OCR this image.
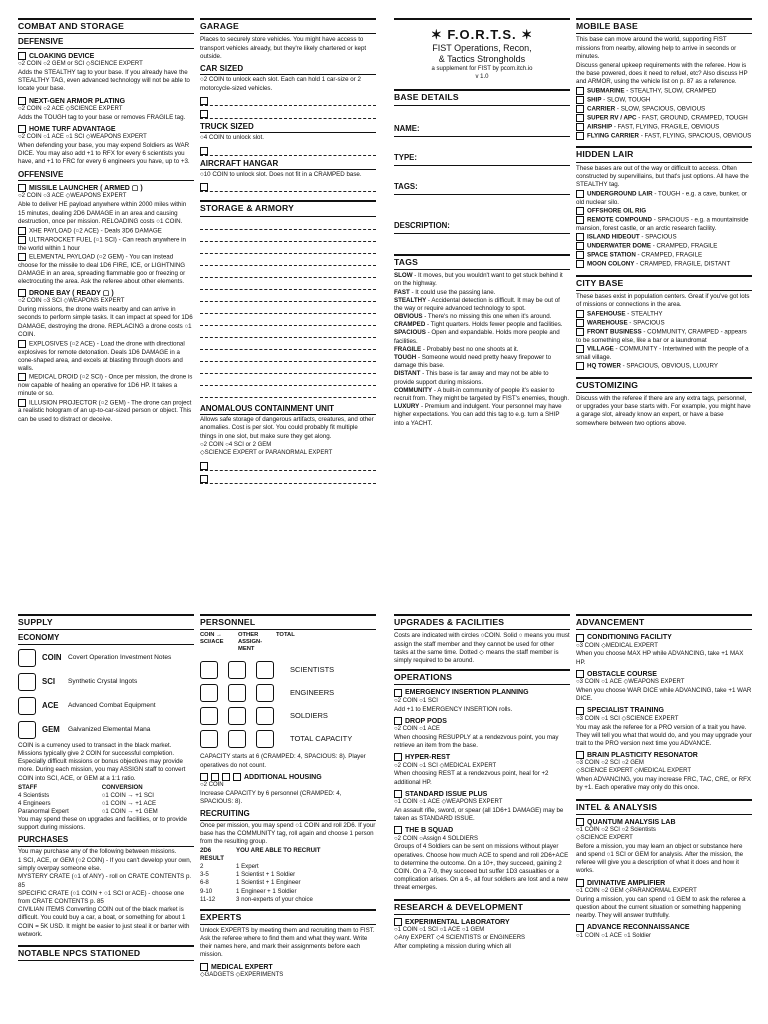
COMBAT AND STORAGE
DEFENSIVE
CLOAKING DEVICE
○2 COIN ○2 GEM or SCI ◇SCIENCE EXPERT
Adds the STEALTHY tag to your base. If you already have the STEALTHY TAG, even advanced technology will not be able to locate your base.
NEXT-GEN ARMOR PLATING
○2 COIN ○2 ACE ◇SCIENCE EXPERT
Adds the TOUGH tag to your base or removes FRAGILE tag.
HOME TURF ADVANTAGE
○2 COIN ○1 ACE ○1 SCI ◇WEAPONS EXPERT
When defending your base, you may expend Soldiers as WAR DICE. You may also add +1 to RFX for every 6 scientists you have, and +1 to FRC for every 6 engineers you have, up to +3.
OFFENSIVE
MISSILE LAUNCHER ( ARMED ▢ )
○2 COIN ○3 ACE ◇WEAPONS EXPERT
Able to deliver HE payload anywhere within 2000 miles within 15 minutes, dealing 2D6 DAMAGE in an area and causing destruction, once per mission. RELOADING costs ○1 COIN.
XHE PAYLOAD (○2 ACE) - Deals 3D6 DAMAGE
ULTRAROCKET FUEL (○1 SCI) - Can reach anywhere in the world within 1 hour
ELEMENTAL PAYLOAD (○2 GEM) - You can instead choose for the missile to deal 1D6 FIRE, ICE, or LIGHTNING DAMAGE in an area, spreading flammable goo or freezing or electrocuting the area. Ask the referee about other elements.
DRONE BAY ( READY ▢ )
○2 COIN ○3 SCI ◇WEAPONS EXPERT
During missions, the drone waits nearby and can arrive in seconds to perform simple tasks. It can impact at speed for 1D6 DAMAGE, destroying the drone. REPLACING a drone costs ○1 COIN.
EXPLOSIVES (○2 ACE) - Load the drone with directional explosives for remote detonation. Deals 1D6 DAMAGE in a cone-shaped area, and excels at blasting through doors and walls.
MEDICAL DROID (○2 SCI) - Once per mission, the drone is now capable of healing an operative for 1D6 HP. It takes a minute or so.
ILLUSION PROJECTOR (○2 GEM) - The drone can project a realistic hologram of an up-to-car-sized person or object. This can be used to distract or deceive.
GARAGE
Places to securely store vehicles. You might have access to transport vehicles already, but they're likely chartered or kept outside.
CAR SIZED
○2 COIN to unlock each slot. Each can hold 1 car-size or 2 motorcycle-sized vehicles.
TRUCK SIZED
○4 COIN to unlock slot.
AIRCRAFT HANGAR
○10 COIN to unlock slot. Does not fit in a CRAMPED base.
STORAGE & ARMORY
ANOMALOUS CONTAINMENT UNIT
Allows safe storage of dangerous artifacts, creatures, and other anomalies. Cost is per slot. You could probably fit multiple things in one slot, but make sure they get along.
○2 COIN ○4 SCI or 2 GEM
◇SCIENCE EXPERT or PARANORMAL EXPERT
✶ F.O.R.T.S. ✶
FIST Operations, Recon,
& Tactics Strongholds
a supplement for FIST by pcom.itch.io
v 1.0
BASE DETAILS
NAME:
TYPE:
TAGS:
DESCRIPTION:
TAGS
SLOW - It moves, but you wouldn't want to get stuck behind it on the highway.
FAST - It could use the passing lane.
STEALTHY - Accidental detection is difficult. It may be out of the way or require advanced technology to spot.
OBVIOUS - There's no missing this one when it's around.
CRAMPED - Tight quarters. Holds fewer people and facilities.
SPACIOUS - Open and expandable. Holds more people and facilities.
FRAGILE - Probably best no one shoots at it.
TOUGH - Someone would need pretty heavy firepower to damage this base.
DISTANT - This base is far away and may not be able to provide support during missions.
COMMUNITY - A built-in community of people it's easier to recruit from. They might be targeted by FIST's enemies, though.
LUXURY - Premium and indulgent. Your personnel may have higher expectations. You can add this tag to e.g. turn a SHIP into a YACHT.
MOBILE BASE
This base can move around the world, supporting FIST missions from nearby, allowing help to arrive in seconds or minutes.
Discuss general upkeep requirements with the referee. How is the base powered, does it need to refuel, etc? Also discuss HP and ARMOR, using the vehicle list on p. 87 as a reference.
SUBMARINE - STEALTHY, SLOW, CRAMPED
SHIP - SLOW, TOUGH
CARRIER - SLOW, SPACIOUS, OBVIOUS
SUPER RV / APC - FAST, GROUND, CRAMPED, TOUGH
AIRSHIP - FAST, FLYING, FRAGILE, OBVIOUS
FLYING CARRIER - FAST, FLYING, SPACIOUS, OBVIOUS
HIDDEN LAIR
These bases are out of the way or difficult to access. Often constructed by supervillains, but that's just options. All have the STEALTHY tag.
UNDERGROUND LAIR - TOUGH - e.g. a cave, bunker, or old nuclear silo.
OFFSHORE OIL RIG
REMOTE COMPOUND - SPACIOUS - e.g. a mountainside mansion, forest castle, or an arctic research facility.
ISLAND HIDEOUT - SPACIOUS
UNDERWATER DOME - CRAMPED, FRAGILE
SPACE STATION - CRAMPED, FRAGILE
MOON COLONY - CRAMPED, FRAGILE, DISTANT
CITY BASE
These bases exist in population centers. Great if you've got lots of missions or connections in the area.
SAFEHOUSE - STEALTHY
WAREHOUSE - SPACIOUS
FRONT BUSINESS - COMMUNITY, CRAMPED - appears to be something else, like a bar or a laundromat
VILLAGE - COMMUNITY - Intertwined with the people of a small village.
HQ TOWER - SPACIOUS, OBVIOUS, LUXURY
CUSTOMIZING
Discuss with the referee if there are any extra tags, personnel, or upgrades your base starts with. For example, you might have a garage slot, already know an expert, or have a base somewhere between two options above.
SUPPLY
ECONOMY
COIN Covert Operation Investment Notes
SCI	Synthetic Crystal Ingots
ACE	Advanced Combat Equipment
GEM	Galvanized Elemental Mana
COIN is a currency used to transact in the black market. Missions typically give 2 COIN for successful completion. Especially difficult missions or bonus objectives may provide more. During each mission, you may ASSIGN staff to convert COIN into SCI, ACE, or GEM at a 1:1 ratio.
STAFF	CONVERSION
4 Scientists	○1 COIN → +1 SCI
4 Engineers	○1 COIN → +1 ACE
Paranormal Expert	○1 COIN → +1 GEM
You may spend these on upgrades and facilities, or to provide support during missions.
PURCHASES
You may purchase any of the following between missions.
1 SCI, ACE, or GEM (○2 COIN) - If you can't develop your own, simply overpay someone else.
MYSTERY CRATE (○1 of ANY) - roll on CRATE CONTENTS p. 85
SPECIFIC CRATE (○1 COIN + ○1 SCI or ACE) - choose one from CRATE CONTENTS p. 85
CIVILIAN ITEMS Converting COIN out of the black market is difficult. You could buy a car, a boat, or something for about 1 COIN = 5K USD. It might be easier to just steal it or barter with wetwork.
NOTABLE NPCS STATIONED
PERSONNEL
COIN → SCI/ACE
OTHER ASSIGN-MENT
TOTAL
SCIENTISTS
ENGINEERS
SOLDIERS
TOTAL CAPACITY
CAPACITY starts at 6 (CRAMPED: 4, SPACIOUS: 8). Player operatives do not count.
ADDITIONAL HOUSING
○2 COIN
Increase CAPACITY by 6 personnel (CRAMPED: 4, SPACIOUS: 8).
RECRUITING
Once per mission, you may spend ○1 COIN and roll 2D6. If your base has the COMMUNITY tag, roll again and choose 1 person from the resulting group.
2D6 RESULT	YOU ARE ABLE TO RECRUIT
2	1 Expert
3-5	1 Scientist + 1 Soldier
6-8	1 Scientist + 1 Engineer
9-10	1 Engineer + 1 Soldier
11-12	3 non-experts of your choice
EXPERTS
Unlock EXPERTS by meeting them and recruiting them to FIST. Ask the referee where to find them and what they want. Write their names here, and mark their assignments before each mission.
MEDICAL EXPERT
◇GADGETS ◇EXPERIMENTS
UPGRADES & FACILITIES
Costs are indicated with circles ○COIN. Solid ○ means you must assign the staff member and they cannot be used for other tasks at the same time. Dotted ◇ means the staff member is simply required to be around.
OPERATIONS
EMERGENCY INSERTION PLANNING
○2 COIN ○1 SCI
Add +1 to EMERGENCY INSERTION rolls.
DROP PODS
○2 COIN ○1 ACE
When choosing RESUPPLY at a rendezvous point, you may retrieve an item from the base.
HYPER-REST
○2 COIN ○1 SCI ◇MEDICAL EXPERT
When choosing REST at a rendezvous point, heal for +2 additional HP.
STANDARD ISSUE PLUS
○1 COIN ○1 ACE ◇WEAPONS EXPERT
An assault rifle, sword, or spear (all 1D6+1 DAMAGE) may be taken as STANDARD ISSUE.
THE B SQUAD
○2 COIN ○Assign 4 SOLDIERS
Groups of 4 Soldiers can be sent on missions without player operatives. Choose how much ACE to spend and roll 2D6+ACE to determine the outcome. On a 10+, they succeed, gaining 2 COIN. On a 7-9, they succeed but suffer 1D3 casualties or a complication arises. On a 6-, all four soldiers are lost and a new threat emerges.
RESEARCH & DEVELOPMENT
EXPERIMENTAL LABORATORY
○1 COIN ○1 SCI ○1 ACE ○1 GEM
◇Any EXPERT ◇4 SCIENTISTS or ENGINEERS
After completing a mission during which all
ADVANCEMENT
CONDITIONING FACILITY
○3 COIN ◇MEDICAL EXPERT
When you choose MAX HP while ADVANCING, take +1 MAX HP.
OBSTACLE COURSE
○3 COIN ○1 ACE ◇WEAPONS EXPERT
When you choose WAR DICE while ADVANCING, take +1 WAR DICE.
SPECIALIST TRAINING
○3 COIN ○1 SCI ◇SCIENCE EXPERT
You may ask the referee for a PRO version of a trait you have. They will tell you what that would do, and you may upgrade your trait to the PRO version next time you ADVANCE.
BRAIN PLASTICITY RESONATOR
○3 COIN ○2 SCI ○2 GEM
◇SCIENCE EXPERT ◇MEDICAL EXPERT
When ADVANCING, you may increase FRC, TAC, CRE, or RFX by +1. Each operative may only do this once.
INTEL & ANALYSIS
QUANTUM ANALYSIS LAB
○1 COIN ○2 SCI ○2 Scientists
◇SCIENCE EXPERT
Before a mission, you may learn an object or substance here and spend ○1 SCI or GEM for analysis. After the mission, the referee will give you a description of what it does and how it works.
DIVINATIVE AMPLIFIER
○1 COIN ○2 GEM ◇PARANORMAL EXPERT
During a mission, you can spend ○1 GEM to ask the referee a question about the current situation or something happening nearby. They will answer truthfully.
ADVANCE RECONNAISSANCE
○1 COIN ○1 ACE ○1 Soldier
